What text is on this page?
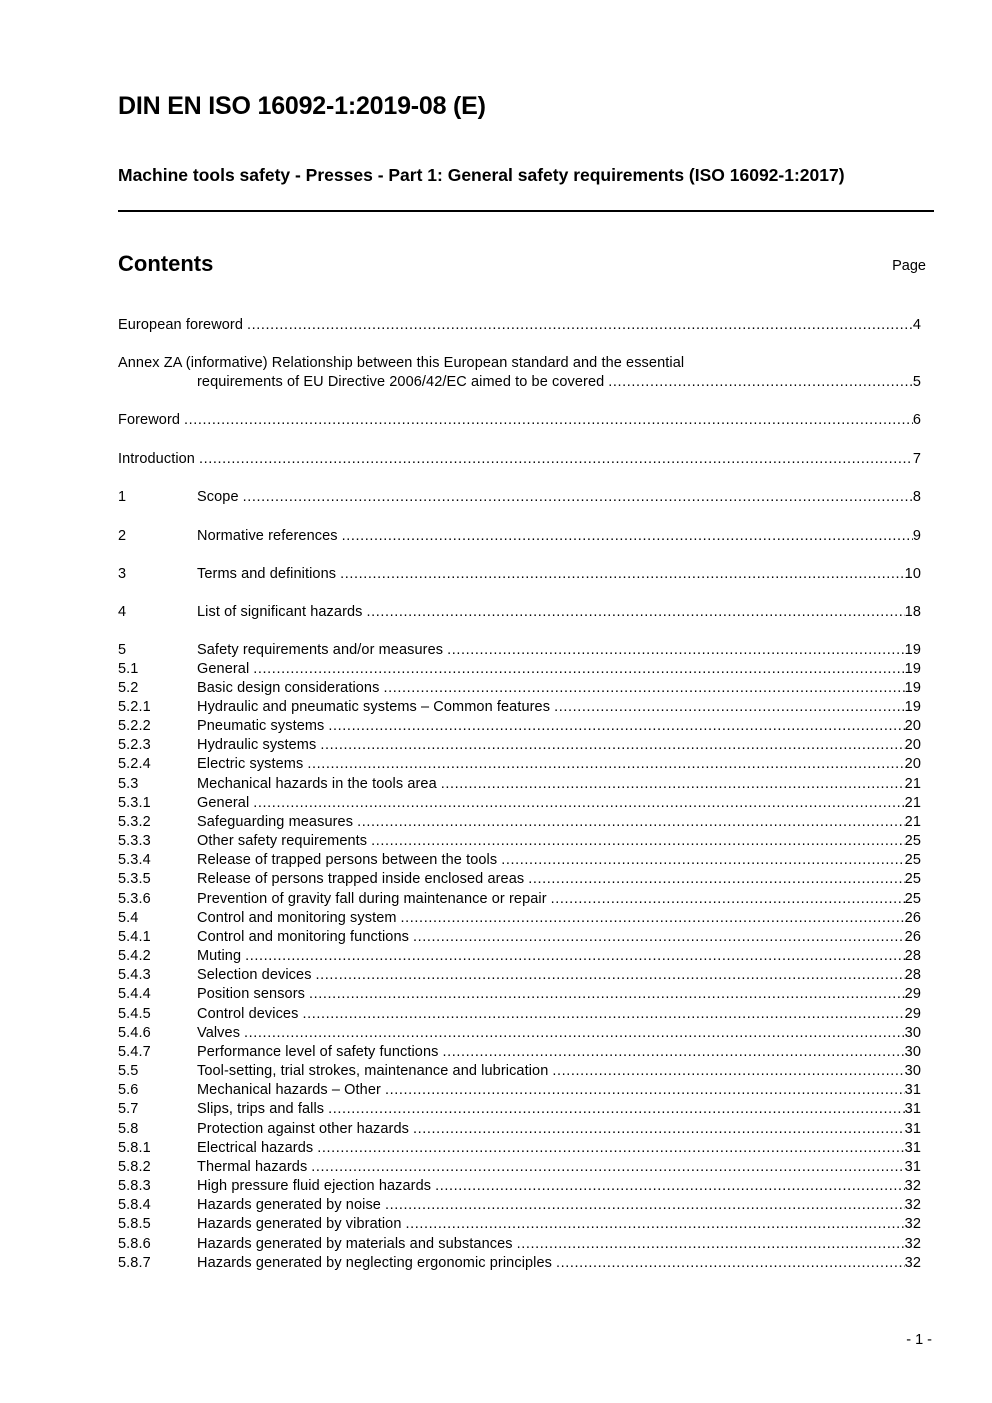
DIN EN ISO 16092-1:2019-08 (E)
Machine tools safety - Presses - Part 1: General safety requirements (ISO 16092-1:2017)
Contents	Page
European foreword .....	4
Annex ZA (informative) Relationship between this European standard and the essential
requirements of EU Directive 2006/42/EC aimed to be covered .....	5
Foreword .....	6
Introduction .....	7
1	Scope .....	8
2	Normative references .....	9
3	Terms and definitions .....	10
4	List of significant hazards .....	18
5	Safety requirements and/or measures .....	19
5.1	General .....	19
5.2	Basic design considerations .....	19
5.2.1	Hydraulic and pneumatic systems – Common features .....	19
5.2.2	Pneumatic systems .....	20
5.2.3	Hydraulic systems .....	20
5.2.4	Electric systems .....	20
5.3	Mechanical hazards in the tools area .....	21
5.3.1	General .....	21
5.3.2	Safeguarding measures .....	21
5.3.3	Other safety requirements .....	25
5.3.4	Release of trapped persons between the tools .....	25
5.3.5	Release of persons trapped inside enclosed areas .....	25
5.3.6	Prevention of gravity fall during maintenance or repair .....	25
5.4	Control and monitoring system .....	26
5.4.1	Control and monitoring functions .....	26
5.4.2	Muting .....	28
5.4.3	Selection devices .....	28
5.4.4	Position sensors .....	29
5.4.5	Control devices .....	29
5.4.6	Valves .....	30
5.4.7	Performance level of safety functions .....	30
5.5	Tool-setting, trial strokes, maintenance and lubrication .....	30
5.6	Mechanical hazards – Other .....	31
5.7	Slips, trips and falls .....	31
5.8	Protection against other hazards .....	31
5.8.1	Electrical hazards .....	31
5.8.2	Thermal hazards .....	31
5.8.3	High pressure fluid ejection hazards .....	32
5.8.4	Hazards generated by noise .....	32
5.8.5	Hazards generated by vibration .....	32
5.8.6	Hazards generated by materials and substances .....	32
5.8.7	Hazards generated by neglecting ergonomic principles .....	32
- 1 -
